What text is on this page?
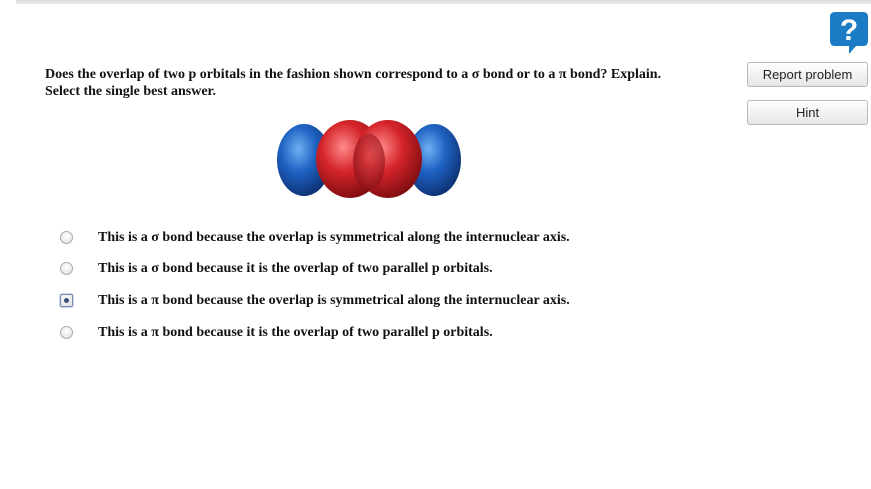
?
Does the overlap of two p orbitals in the fashion shown correspond to a σ bond or to a π bond? Explain.
Select the single best answer.
Report problem
Hint
This is a σ bond because the overlap is symmetrical along the internuclear axis.
This is a σ bond because it is the overlap of two parallel p orbitals.
This is a π bond because the overlap is symmetrical along the internuclear axis.
This is a π bond because it is the overlap of two parallel p orbitals.
